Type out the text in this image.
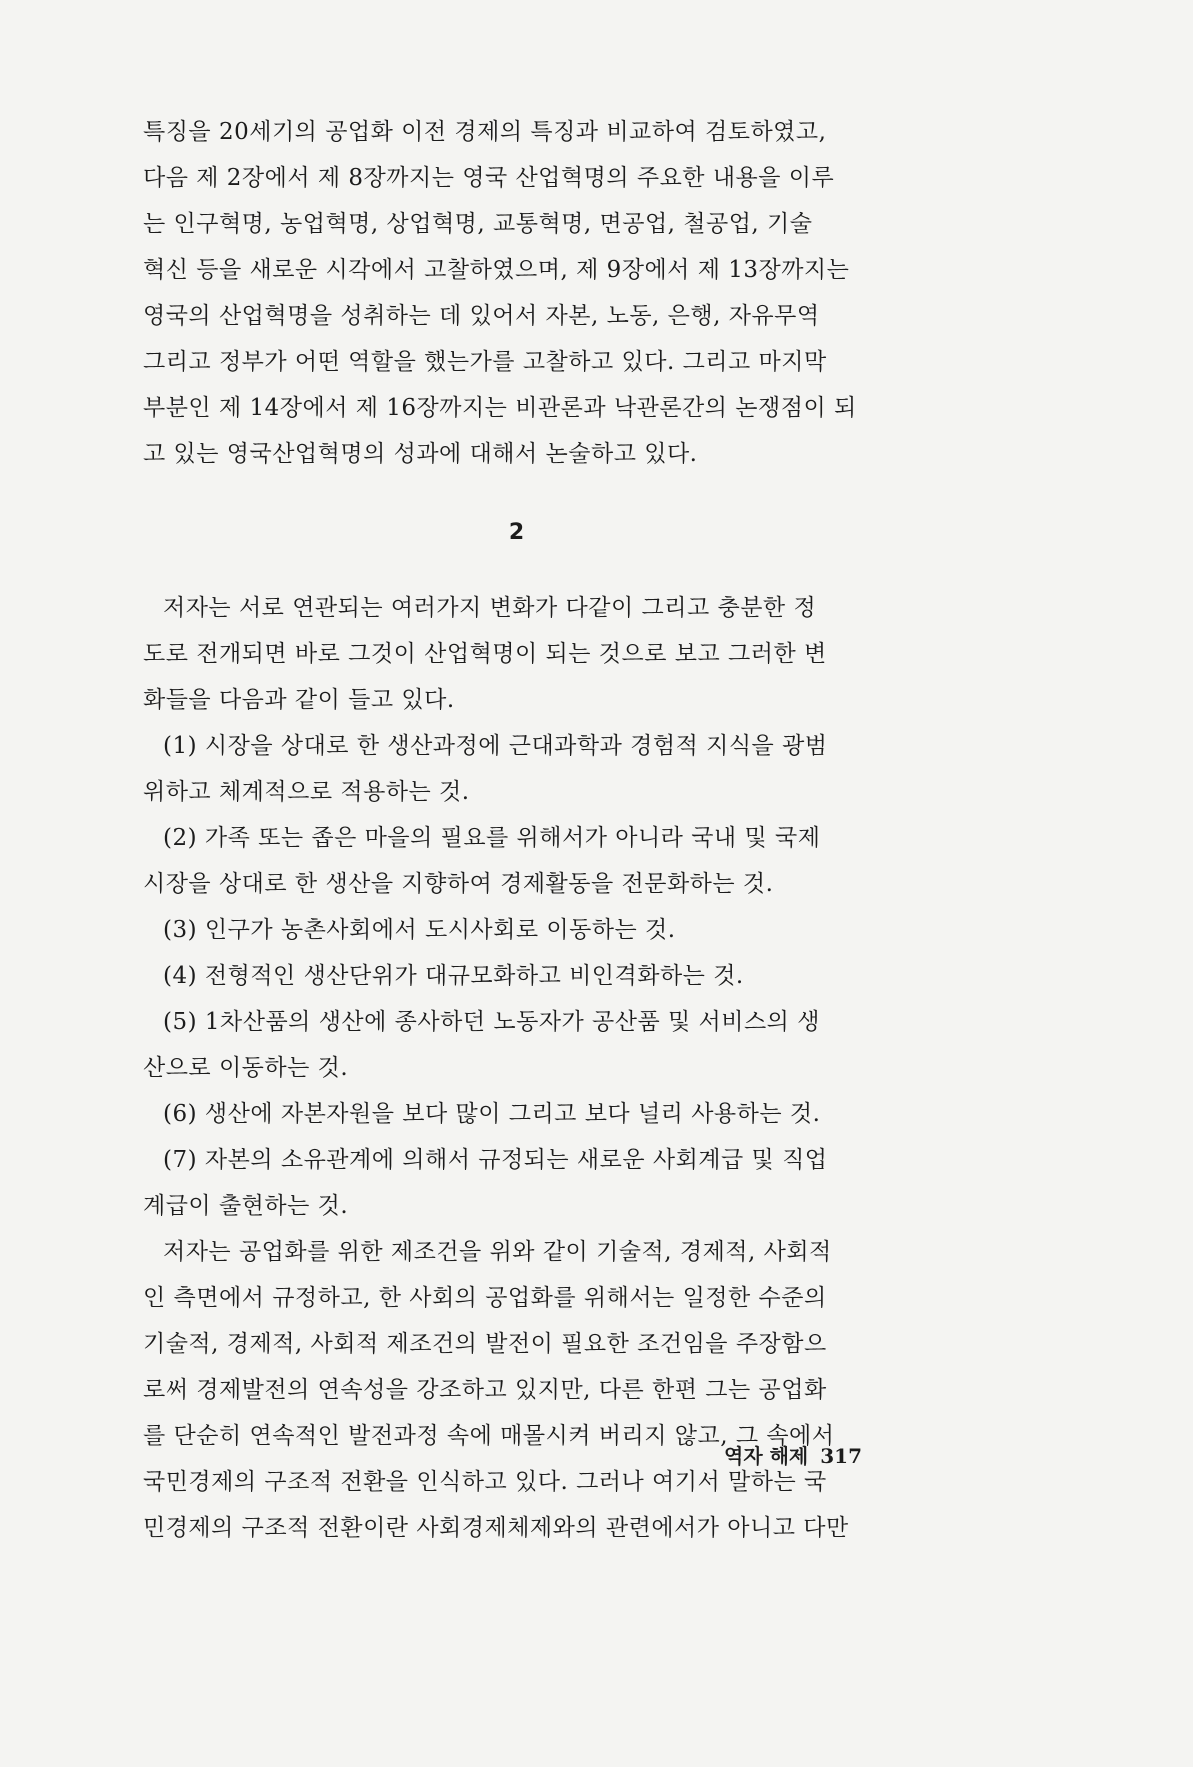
특징을 20세기의 공업화 이전 경제의 특징과 비교하여 검토하였고,
다음 제 2장에서 제 8장까지는 영국 산업혁명의 주요한 내용을 이루
는 인구혁명, 농업혁명, 상업혁명, 교통혁명, 면공업, 철공업, 기술
혁신 등을 새로운 시각에서 고찰하였으며, 제 9장에서 제 13장까지는
영국의 산업혁명을 성취하는 데 있어서 자본, 노동, 은행, 자유무역
그리고 정부가 어떤 역할을 했는가를 고찰하고 있다. 그리고 마지막
부분인 제 14장에서 제 16장까지는 비관론과 낙관론간의 논쟁점이 되
고 있는 영국산업혁명의 성과에 대해서 논술하고 있다.
2
저자는 서로 연관되는 여러가지 변화가 다같이 그리고 충분한 정
도로 전개되면 바로 그것이 산업혁명이 되는 것으로 보고 그러한 변
화들을 다음과 같이 들고 있다.
(1) 시장을 상대로 한 생산과정에 근대과학과 경험적 지식을 광범
위하고 체계적으로 적용하는 것.
(2) 가족 또는 좁은 마을의 필요를 위해서가 아니라 국내 및 국제
시장을 상대로 한 생산을 지향하여 경제활동을 전문화하는 것.
(3) 인구가 농촌사회에서 도시사회로 이동하는 것.
(4) 전형적인 생산단위가 대규모화하고 비인격화하는 것.
(5) 1차산품의 생산에 종사하던 노동자가 공산품 및 서비스의 생
산으로 이동하는 것.
(6) 생산에 자본자원을 보다 많이 그리고 보다 널리 사용하는 것.
(7) 자본의 소유관계에 의해서 규정되는 새로운 사회계급 및 직업
계급이 출현하는 것.
저자는 공업화를 위한 제조건을 위와 같이 기술적, 경제적, 사회적
인 측면에서 규정하고, 한 사회의 공업화를 위해서는 일정한 수준의
기술적, 경제적, 사회적 제조건의 발전이 필요한 조건임을 주장함으
로써 경제발전의 연속성을 강조하고 있지만, 다른 한편 그는 공업화
를 단순히 연속적인 발전과정 속에 매몰시켜 버리지 않고, 그 속에서
국민경제의 구조적 전환을 인식하고 있다. 그러나 여기서 말하는 국
민경제의 구조적 전환이란 사회경제체제와의 관련에서가 아니고 다만
역자 해제 317
